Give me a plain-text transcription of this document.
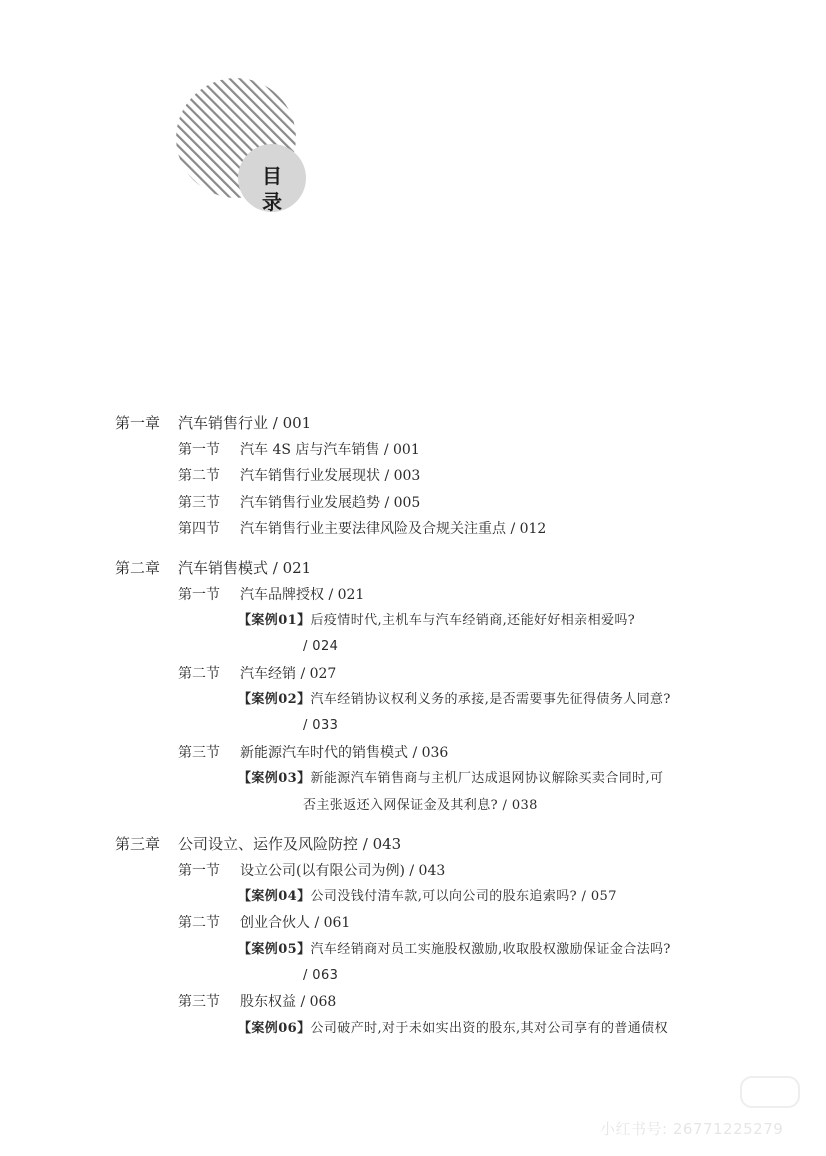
目
录
第一章 汽车销售行业 / 001
第一节 汽车 4S 店与汽车销售 / 001
第二节 汽车销售行业发展现状 / 003
第三节 汽车销售行业发展趋势 / 005
第四节 汽车销售行业主要法律风险及合规关注重点 / 012
第二章 汽车销售模式 / 021
第一节 汽车品牌授权 / 021
【案例01】后疫情时代,主机车与汽车经销商,还能好好相亲相爱吗?
/ 024
第二节 汽车经销 / 027
【案例02】汽车经销协议权利义务的承接,是否需要事先征得债务人同意?
/ 033
第三节 新能源汽车时代的销售模式 / 036
【案例03】新能源汽车销售商与主机厂达成退网协议解除买卖合同时,可
否主张返还入网保证金及其利息? / 038
第三章 公司设立、运作及风险防控 / 043
第一节 设立公司(以有限公司为例) / 043
【案例04】公司没钱付清车款,可以向公司的股东追索吗? / 057
第二节 创业合伙人 / 061
【案例05】汽车经销商对员工实施股权激励,收取股权激励保证金合法吗?
/ 063
第三节 股东权益 / 068
【案例06】公司破产时,对于未如实出资的股东,其对公司享有的普通债权
小红书号: 26771225279
